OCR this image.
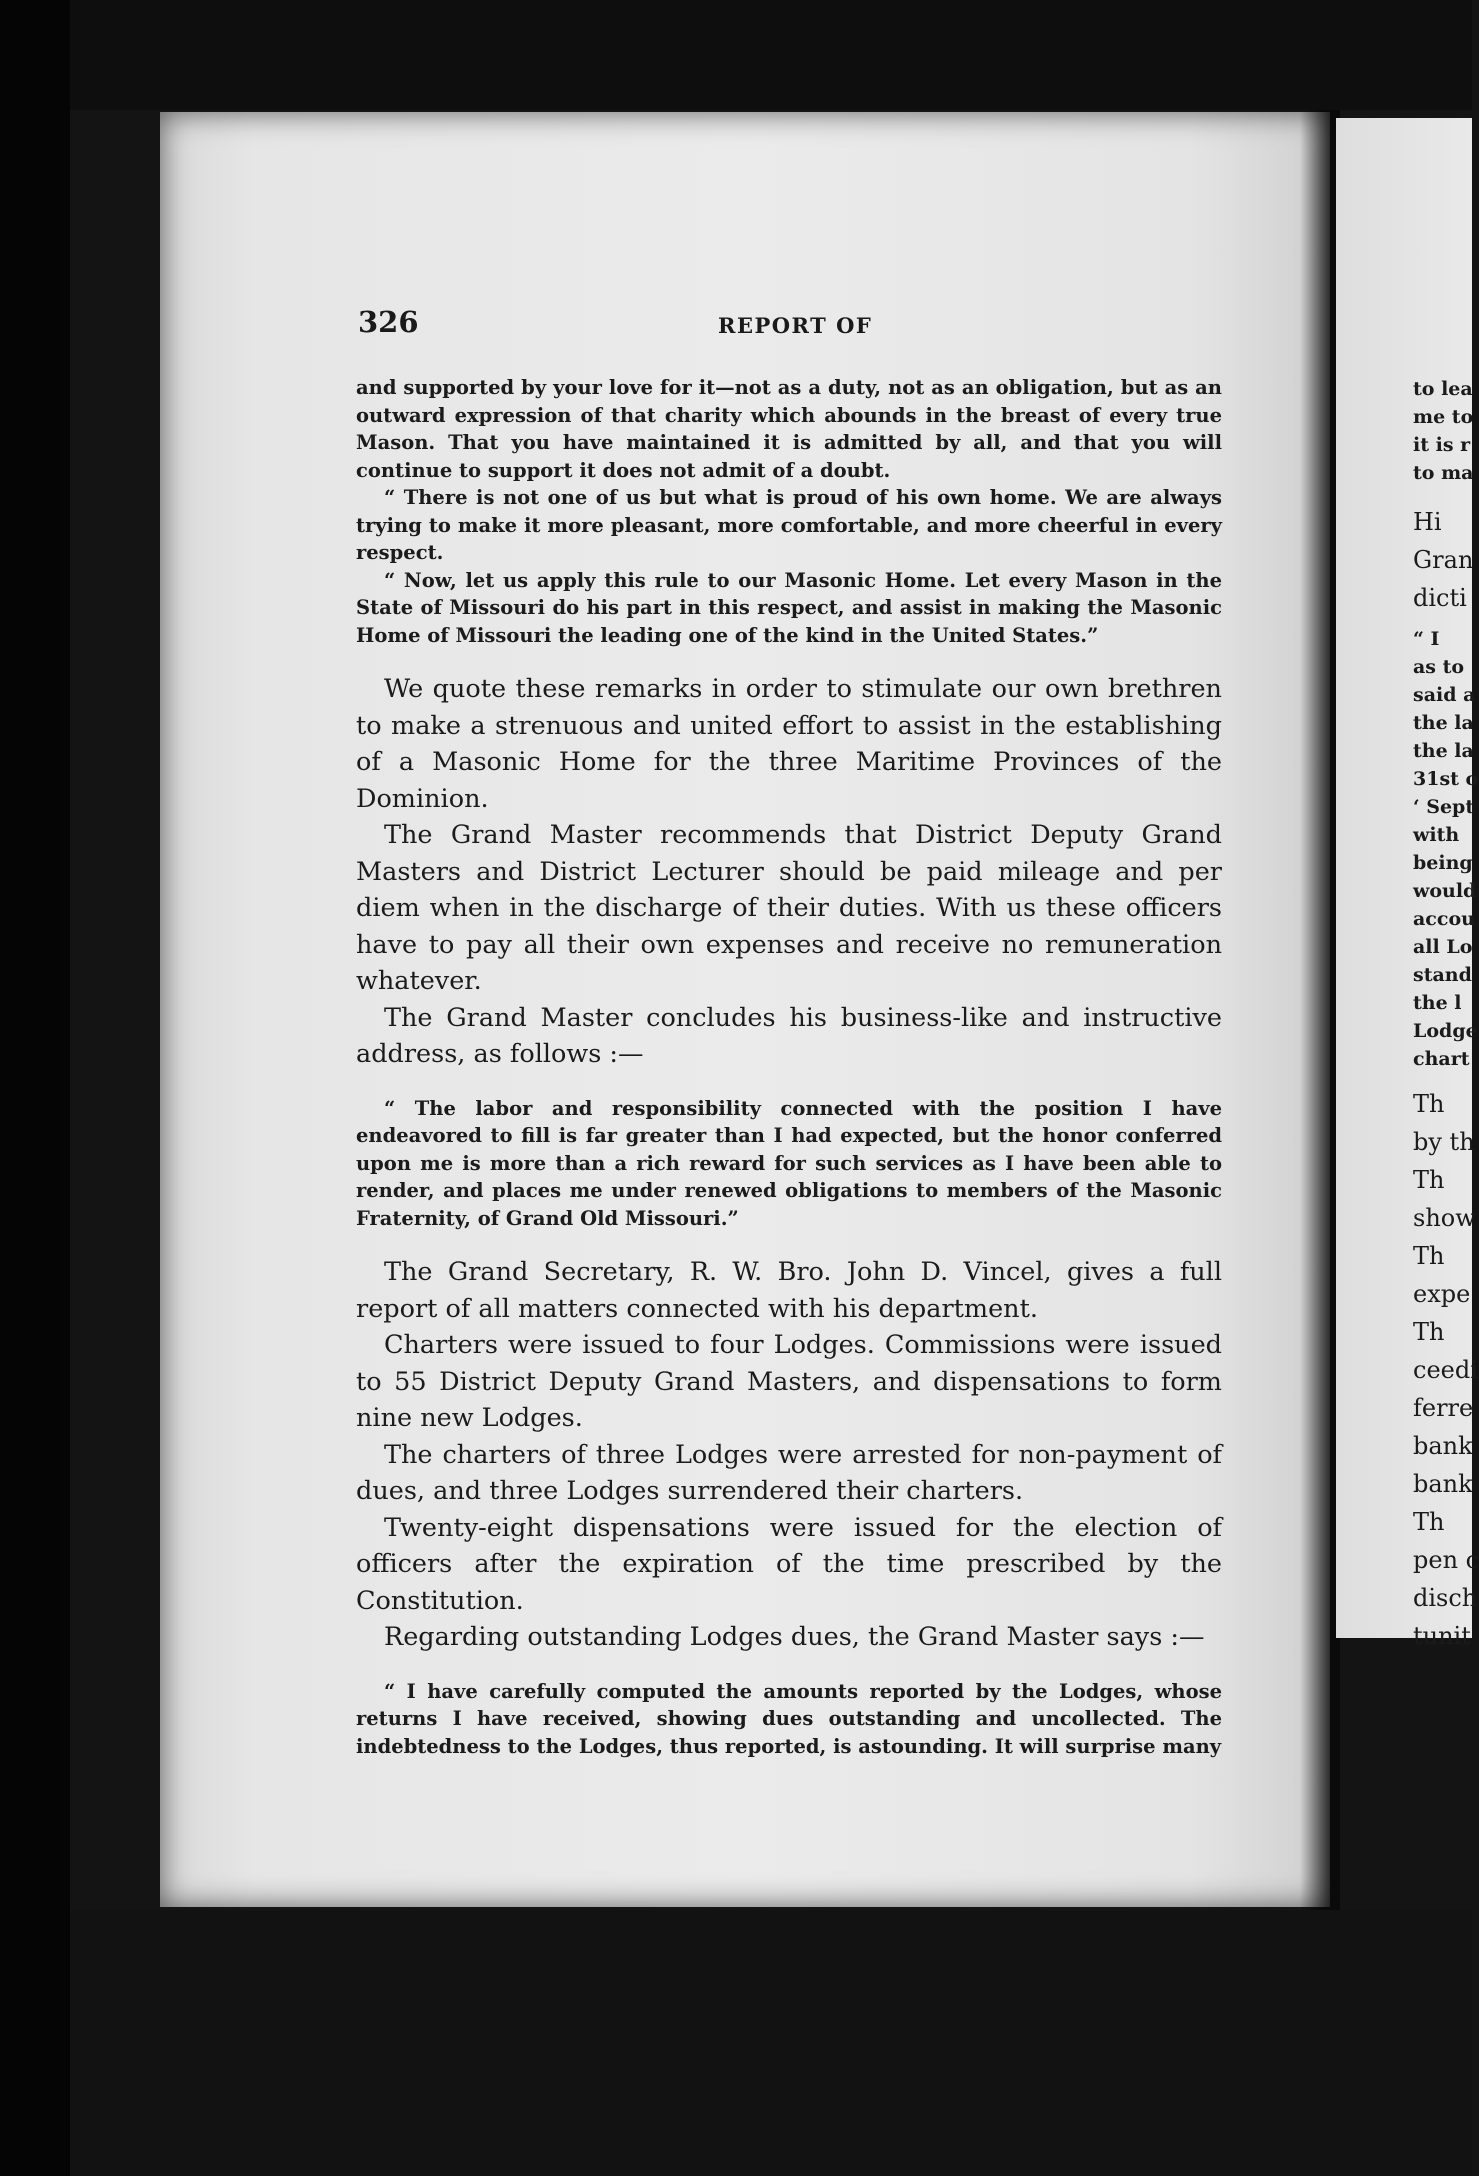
326	REPORT OF

and supported by your love for it—not as a duty, not as an obligation, but as an outward expression of that charity which abounds in the breast of every true Mason. That you have maintained it is admitted by all, and that you will continue to support it does not admit of a doubt.

“ There is not one of us but what is proud of his own home. We are always trying to make it more pleasant, more comfortable, and more cheerful in every respect.

“ Now, let us apply this rule to our Masonic Home. Let every Mason in the State of Missouri do his part in this respect, and assist in making the Masonic Home of Missouri the leading one of the kind in the United States.”

We quote these remarks in order to stimulate our own brethren to make a strenuous and united effort to assist in the establishing of a Masonic Home for the three Maritime Provinces of the Dominion.

The Grand Master recommends that District Deputy Grand Masters and District Lecturer should be paid mileage and per diem when in the discharge of their duties. With us these officers have to pay all their own expenses and receive no remuneration whatever.

The Grand Master concludes his business-like and instructive address, as follows :—

“ The labor and responsibility connected with the position I have endeavored to fill is far greater than I had expected, but the honor conferred upon me is more than a rich reward for such services as I have been able to render, and places me under renewed obligations to members of the Masonic Fraternity, of Grand Old Missouri.”

The Grand Secretary, R. W. Bro. John D. Vincel, gives a full report of all matters connected with his department.

Charters were issued to four Lodges. Commissions were issued to 55 District Deputy Grand Masters, and dispensations to form nine new Lodges.

The charters of three Lodges were arrested for non-payment of dues, and three Lodges surrendered their charters.

Twenty-eight dispensations were issued for the election of officers after the expiration of the time prescribed by the Constitution.

Regarding outstanding Lodges dues, the Grand Master says :—

“ I have carefully computed the amounts reported by the Lodges, whose returns I have received, showing dues outstanding and uncollected. The indebtedness to the Lodges, thus reported, is astounding. It will surprise many

to lea
me to
it is r
to ma
Hi
Gran
dicti
“ I
as to
said a
the la
the la
31st o
‘ Sept
with
being
would
accou
all Lo
stand
the l
Lodge
chart
Th
by th
Th
show
Th
expe
Th
ceedi
ferre
bank
bank
Th
pen c
disch
tunit
